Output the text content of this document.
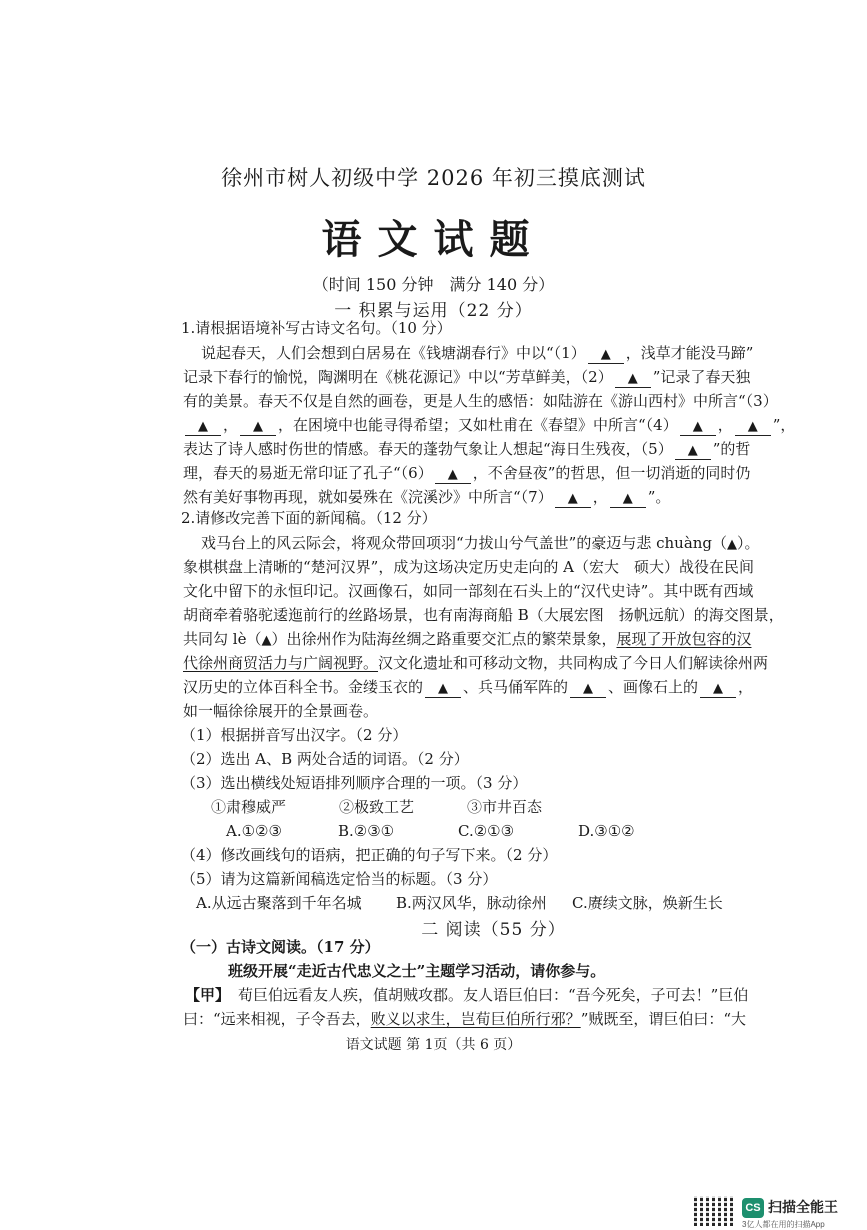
徐州市树人初级中学 2026 年初三摸底测试
语文试题
（时间 150 分钟　满分 140 分）
一 积累与运用（22 分）
1.请根据语境补写古诗文名句。（10 分）
说起春天，人们会想到白居易在《钱塘湖春行》中以“（1） ▲ ，浅草才能没马蹄”
记录下春行的愉悦，陶渊明在《桃花源记》中以“芳草鲜美，（2） ▲ ”记录了春天独
有的美景。春天不仅是自然的画卷，更是人生的感悟：如陆游在《游山西村》中所言“（3）
▲ ， ▲ ，在困境中也能寻得希望；又如杜甫在《春望》中所言“（4） ▲ ， ▲ ”，
表达了诗人感时伤世的情感。春天的蓬勃气象让人想起“海日生残夜，（5） ▲ ”的哲
理，春天的易逝无常印证了孔子“（6） ▲ ，不舍昼夜”的哲思，但一切消逝的同时仍
然有美好事物再现，就如晏殊在《浣溪沙》中所言“（7） ▲ ， ▲ ”。
2.请修改完善下面的新闻稿。（12 分）
戏马台上的风云际会，将观众带回项羽“力拔山兮气盖世”的豪迈与悲 chuàng（▲）。
象棋棋盘上清晰的“楚河汉界”，成为这场决定历史走向的 A（宏大　硕大）战役在民间
文化中留下的永恒印记。汉画像石，如同一部刻在石头上的“汉代史诗”。其中既有西域
胡商牵着骆驼逶迤前行的丝路场景，也有南海商船 B（大展宏图　扬帆远航）的海交图景，
共同勾 lè（▲）出徐州作为陆海丝绸之路重要交汇点的繁荣景象，展现了开放包容的汉
代徐州商贸活力与广阔视野。汉文化遗址和可移动文物，共同构成了今日人们解读徐州两
汉历史的立体百科全书。金缕玉衣的 ▲ 、兵马俑军阵的 ▲ 、画像石上的 ▲ ，
如一幅徐徐展开的全景画卷。
（1）根据拼音写出汉字。（2 分）
（2）选出 A、B 两处合适的词语。（2 分）
（3）选出横线处短语排列顺序合理的一项。（3 分）
①肃穆威严	②极致工艺	③市井百态
A.①②③	B.②③①	C.②①③	D.③①②
（4）修改画线句的语病，把正确的句子写下来。（2 分）
（5）请为这篇新闻稿选定恰当的标题。（3 分）
A.从远古聚落到千年名城 B.两汉风华，脉动徐州 C.赓续文脉，焕新生长
二 阅读（55 分）
（一）古诗文阅读。（17 分）
班级开展“走近古代忠义之士”主题学习活动，请你参与。
【甲】 荀巨伯远看友人疾，值胡贼攻郡。友人语巨伯曰：“吾今死矣，子可去！”巨伯
曰：“远来相视，子令吾去，败义以求生，岂荀巨伯所行邪？”贼既至，谓巨伯曰：“大
语文试题 第 1页（共 6 页）
CS 扫描全能王
3亿人都在用的扫描App
